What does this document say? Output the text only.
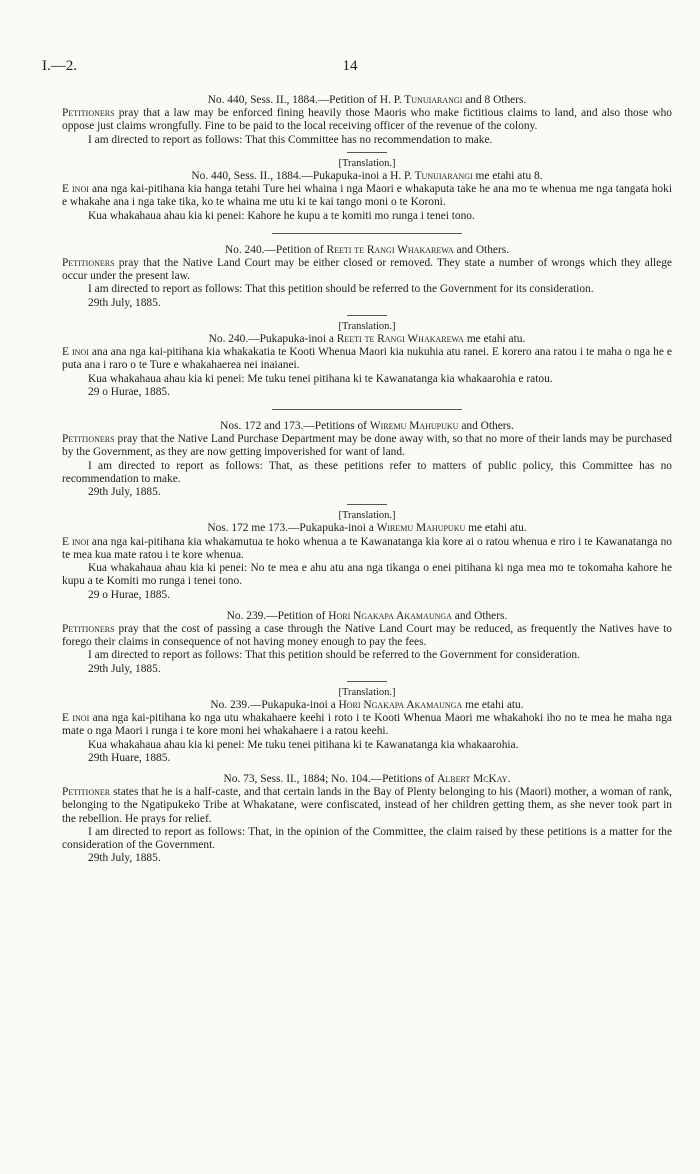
I.—2.	14

No. 440, Sess. II., 1884.—Petition of H. P. Tunuiarangi and 8 Others.

Petitioners pray that a law may be enforced fining heavily those Maoris who make fictitious claims to land, and also those who oppose just claims wrongfully. Fine to be paid to the local receiving officer of the revenue of the colony.

I am directed to report as follows: That this Committee has no recommendation to make.

[Translation.]

No. 440, Sess. II., 1884.—Pukapuka-inoi a H. P. Tunuiarangi me etahi atu 8.

E inoi ana nga kai-pitihana kia hanga tetahi Ture hei whaina i nga Maori e whakaputa take he ana mo te whenua me nga tangata hoki e whakahe ana i nga take tika, ko te whaina me utu ki te kai tango moni o te Koroni.

Kua whakahaua ahau kia ki penei: Kahore he kupu a te komiti mo runga i tenei tono.

No. 240.—Petition of Reeti te Rangi Whakarewa and Others.

Petitioners pray that the Native Land Court may be either closed or removed. They state a number of wrongs which they allege occur under the present law.

I am directed to report as follows: That this petition should be referred to the Government for its consideration.

29th July, 1885.

[Translation.]

No. 240.—Pukapuka-inoi a Reeti te Rangi Whakarewa me etahi atu.

E inoi ana ana nga kai-pitihana kia whakakatia te Kooti Whenua Maori kia nukuhia atu ranei. E korero ana ratou i te maha o nga he e puta ana i raro o te Ture e whakahaerea nei inaianei.

Kua whakahaua ahau kia ki penei: Me tuku tenei pitihana ki te Kawanatanga kia whakaarohia e ratou.

29 o Hurae, 1885.

Nos. 172 and 173.—Petitions of Wiremu Mahupuku and Others.

Petitioners pray that the Native Land Purchase Department may be done away with, so that no more of their lands may be purchased by the Government, as they are now getting impoverished for want of land.

I am directed to report as follows: That, as these petitions refer to matters of public policy, this Committee has no recommendation to make.

29th July, 1885.

[Translation.]

Nos. 172 me 173.—Pukapuka-inoi a Wiremu Mahupuku me etahi atu.

E inoi ana nga kai-pitihana kia whakamutua te hoko whenua a te Kawanatanga kia kore ai o ratou whenua e riro i te Kawanatanga no te mea kua mate ratou i te kore whenua.

Kua whakahaua ahau kia ki penei: No te mea e ahu atu ana nga tikanga o enei pitihana ki nga mea mo te tokomaha kahore he kupu a te Komiti mo runga i tenei tono.

29 o Hurae, 1885.

No. 239.—Petition of Hori Ngakapa Akamaunga and Others.

Petitioners pray that the cost of passing a case through the Native Land Court may be reduced, as frequently the Natives have to forego their claims in consequence of not having money enough to pay the fees.

I am directed to report as follows: That this petition should be referred to the Government for consideration.

29th July, 1885.

[Translation.]

No. 239.—Pukapuka-inoi a Hori Ngakapa Akamaunga me etahi atu.

E inoi ana nga kai-pitihana ko nga utu whakahaere keehi i roto i te Kooti Whenua Maori me whakahoki iho no te mea he maha nga mate o nga Maori i runga i te kore moni hei whakahaere i a ratou keehi.

Kua whakahaua ahau kia ki penei: Me tuku tenei pitihana ki te Kawanatanga kia whakaarohia.

29th Huare, 1885.

No. 73, Sess. II., 1884; No. 104.—Petitions of Albert McKay.

Petitioner states that he is a half-caste, and that certain lands in the Bay of Plenty belonging to his (Maori) mother, a woman of rank, belonging to the Ngatipukeko Tribe at Whakatane, were confiscated, instead of her children getting them, as she never took part in the rebellion. He prays for relief.

I am directed to report as follows: That, in the opinion of the Committee, the claim raised by these petitions is a matter for the consideration of the Government.

29th July, 1885.
